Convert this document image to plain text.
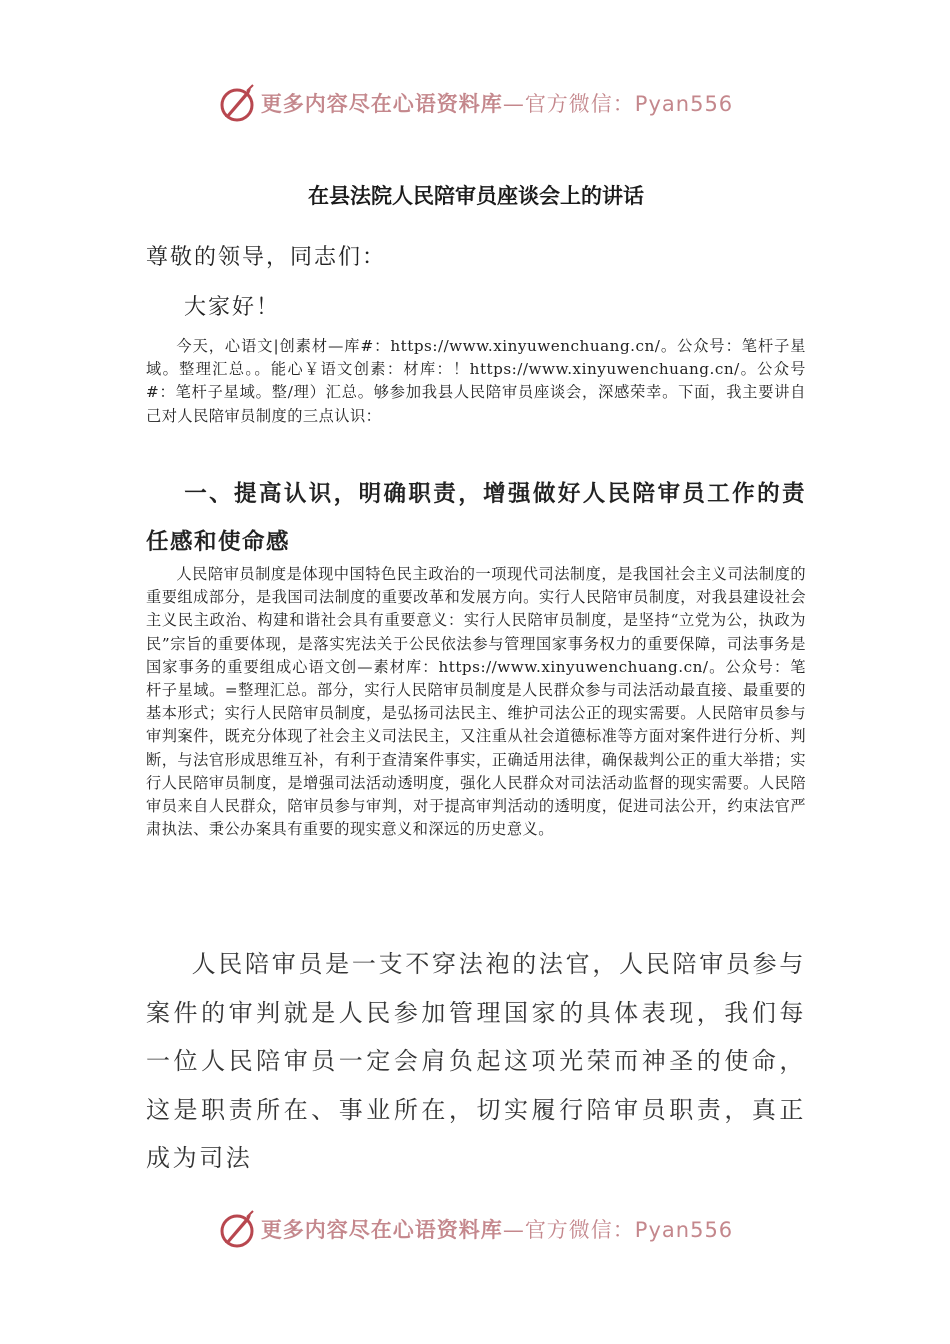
更多内容尽在心语资料库 —官方微信：Pyan556
在县法院人民陪审员座谈会上的讲话
尊敬的领导，同志们：
大家好！

今天，心语文|创素材—库#：https://www.xinyuwenchuang.cn/。公众号：笔杆子星域。整理汇总。。能心￥语文创素：材库：！https://www.xinyuwenchuang.cn/。公众号#：笔杆子星域。整/理）汇总。够参加我县人民陪审员座谈会，深感荣幸。下面，我主要讲自己对人民陪审员制度的三点认识：

一、提高认识，明确职责，增强做好人民陪审员工作的责任感和使命感

人民陪审员制度是体现中国特色民主政治的一项现代司法制度，是我国社会主义司法制度的重要组成部分，是我国司法制度的重要改革和发展方向。实行人民陪审员制度，对我县建设社会主义民主政治、构建和谐社会具有重要意义：实行人民陪审员制度，是坚持“立党为公，执政为民”宗旨的重要体现，是落实宪法关于公民依法参与管理国家事务权力的重要保障，司法事务是国家事务的重要组成心语文创—素材库：https://www.xinyuwenchuang.cn/。公众号：笔杆子星域。=整理汇总。部分，实行人民陪审员制度是人民群众参与司法活动最直接、最重要的基本形式；实行人民陪审员制度，是弘扬司法民主、维护司法公正的现实需要。人民陪审员参与审判案件，既充分体现了社会主义司法民主，又注重从社会道德标准等方面对案件进行分析、判断，与法官形成思维互补，有利于查清案件事实，正确适用法律，确保裁判公正的重大举措；实行人民陪审员制度，是增强司法活动透明度，强化人民群众对司法活动监督的现实需要。人民陪审员来自人民群众，陪审员参与审判，对于提高审判活动的透明度，促进司法公开，约束法官严肃执法、秉公办案具有重要的现实意义和深远的历史意义。

人民陪审员是一支不穿法袍的法官，人民陪审员参与案件的审判就是人民参加管理国家的具体表现，我们每一位人民陪审员一定会肩负起这项光荣而神圣的使命，这是职责所在、事业所在，切实履行陪审员职责，真正成为司法

更多内容尽在心语资料库 —官方微信：Pyan556
